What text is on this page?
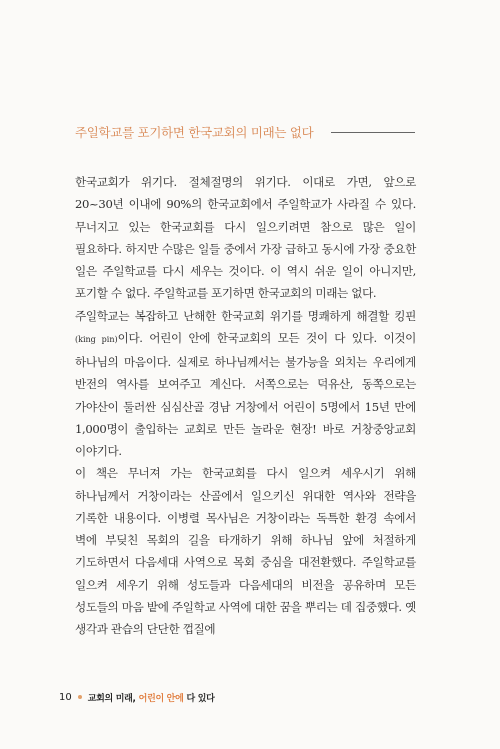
주일학교를 포기하면 한국교회의 미래는 없다

한국교회가 위기다. 절체절명의 위기다. 이대로 가면, 앞으로 20~30년 이내에 90%의 한국교회에서 주일학교가 사라질 수 있다. 무너지고 있는 한국교회를 다시 일으키려면 참으로 많은 일이 필요하다. 하지만 수많은 일들 중에서 가장 급하고 동시에 가장 중요한 일은 주일학교를 다시 세우는 것이다. 이 역시 쉬운 일이 아니지만, 포기할 수 없다. 주일학교를 포기하면 한국교회의 미래는 없다.

주일학교는 복잡하고 난해한 한국교회 위기를 명쾌하게 해결할 킹핀(king pin)이다. 어린이 안에 한국교회의 모든 것이 다 있다. 이것이 하나님의 마음이다. 실제로 하나님께서는 불가능을 외치는 우리에게 반전의 역사를 보여주고 계신다. 서쪽으로는 덕유산, 동쪽으로는 가야산이 둘러싼 심심산골 경남 거창에서 어린이 5명에서 15년 만에 1,000명이 출입하는 교회로 만든 놀라운 현장! 바로 거창중앙교회 이야기다.

이 책은 무너져 가는 한국교회를 다시 일으켜 세우시기 위해 하나님께서 거창이라는 산골에서 일으키신 위대한 역사와 전략을 기록한 내용이다. 이병렬 목사님은 거창이라는 독특한 환경 속에서 벽에 부딪친 목회의 길을 타개하기 위해 하나님 앞에 처절하게 기도하면서 다음세대 사역으로 목회 중심을 대전환했다. 주일학교를 일으켜 세우기 위해 성도들과 다음세대의 비전을 공유하며 모든 성도들의 마음 밭에 주일학교 사역에 대한 꿈을 뿌리는 데 집중했다. 옛 생각과 관습의 단단한 껍질에

10 교회의 미래, 어린이 안에 다 있다
